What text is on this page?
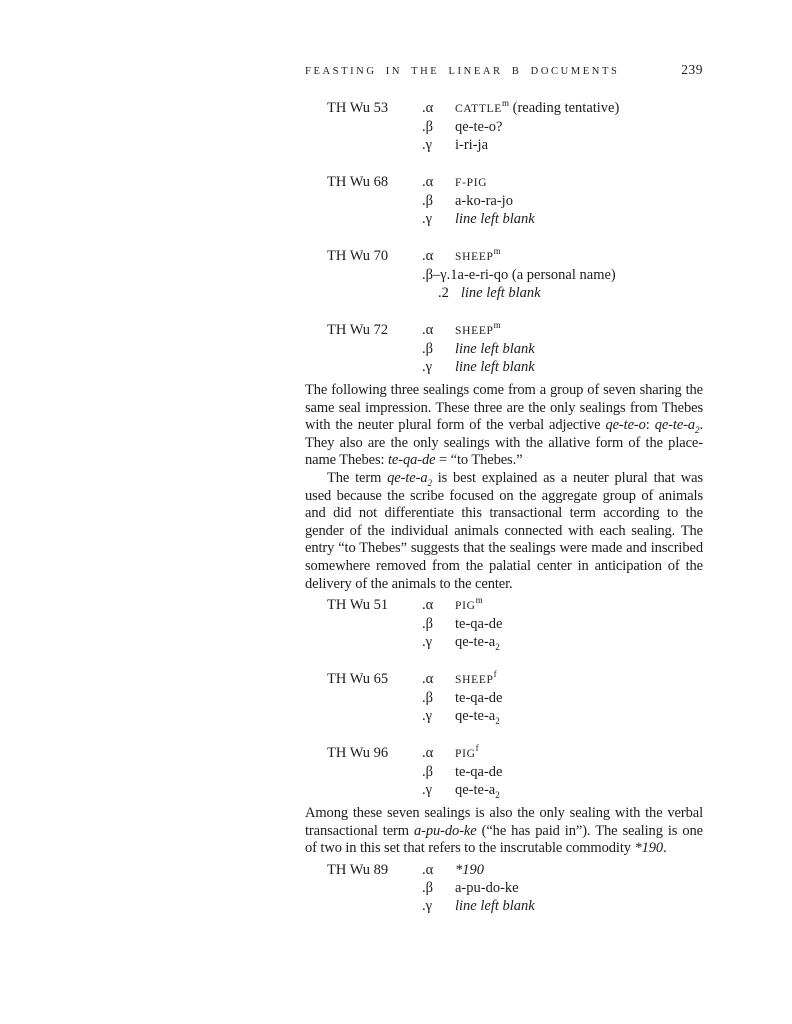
FEASTING IN THE LINEAR B DOCUMENTS	239
TH Wu 53	.α	CATTLE$^m$ (reading tentative)
.β	qe-te-o?
.γ	i-ri-ja
TH Wu 68	.α	F-PIG
.β	a-ko-ra-jo
.γ	line left blank
TH Wu 70	.α	SHEEP$^m$
.β–γ.1 a-e-ri-qo (a personal name)
.2 line left blank
TH Wu 72	.α	SHEEP$^m$
.β	line left blank
.γ	line left blank

The following three sealings come from a group of seven sharing the same seal impression. These three are the only sealings from Thebes with the neuter plural form of the verbal adjective qe-te-o: $qe-te-a_2$. They also are the only sealings with the allative form of the place-name Thebes: te-qa-de = “to Thebes.”

The term $qe-te-a_2$ is best explained as a neuter plural that was used because the scribe focused on the aggregate group of animals and did not differentiate this transactional term according to the gender of the individual animals connected with each sealing. The entry “to Thebes” suggests that the sealings were made and inscribed somewhere removed from the palatial center in anticipation of the delivery of the animals to the center.

TH Wu 51	.α	PIG$^m$
.β	te-qa-de
.γ	$qe-te-a_2$
TH Wu 65	.α	SHEEP$^f$
.β	te-qa-de
.γ	$qe-te-a_2$
TH Wu 96	.α	PIG$^f$
.β	te-qa-de
.γ	$qe-te-a_2$

Among these seven sealings is also the only sealing with the verbal transactional term a-pu-do-ke (“he has paid in”). The sealing is one of two in this set that refers to the inscrutable commodity *190.

TH Wu 89	.α	*190
.β	a-pu-do-ke
.γ	line left blank
